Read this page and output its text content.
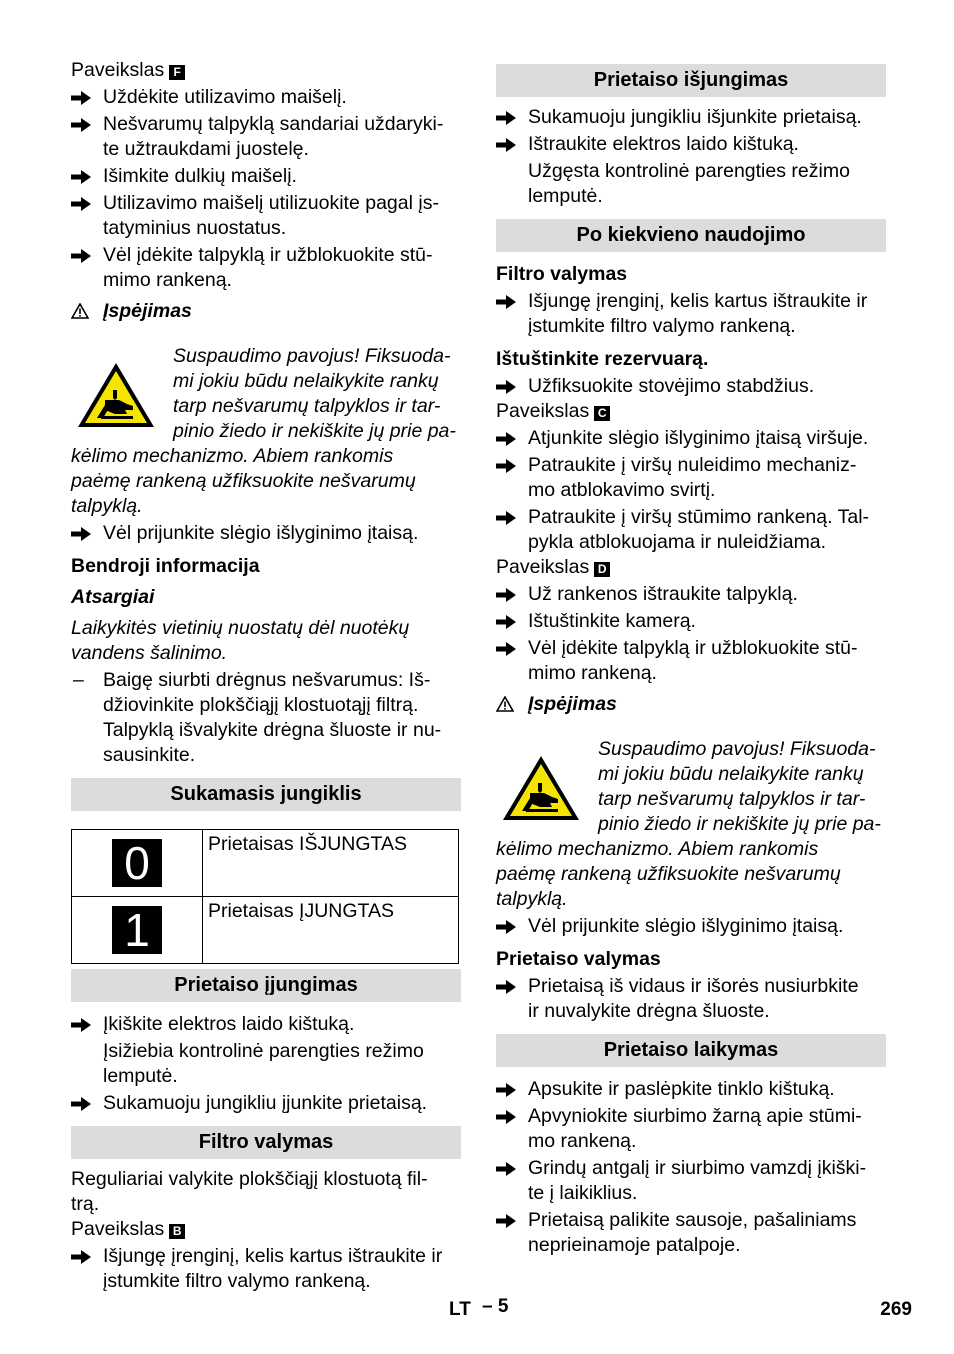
Paveikslas F

Uždėkite utilizavimo maišelį.

Nešvarumų talpyklą sandariai uždaryki-
te užtraukdami juostelę.

Išimkite dulkių maišelį.

Utilizavimo maišelį utilizuokite pagal įs-
tatyminius nuostatus.

Vėl įdėkite talpyklą ir užblokuokite stū-
mimo rankeną.

Įspėjimas

Suspaudimo pavojus! Fiksuoda-
mi jokiu būdu nelaikykite rankų
tarp nešvarumų talpyklos ir tar-
pinio žiedo ir nekiškite jų prie pa-
kėlimo mechanizmo. Abiem rankomis
paėmę rankeną užfiksuokite nešvarumų
talpyklą.

Vėl prijunkite slėgio išlyginimo įtaisą.

Bendroji informacija

Atsargiai

Laikykitės vietinių nuostatų dėl nuotėkų
vandens šalinimo.

– Baigę siurbti drėgnus nešvarumus: Iš-
džiovinkite plokščiąjį klostuotąjį filtrą.
Talpyklą išvalykite drėgna šluoste ir nu-
sausinkite.

Sukamasis jungiklis
0	Prietaisas IŠJUNGTAS
1	Prietaisas ĮJUNGTAS
Prietaiso įjungimas

Įkiškite elektros laido kištuką.

Įsižiebia kontrolinė parengties režimo
lemputė.

Sukamuoju jungikliu įjunkite prietaisą.

Filtro valymas

Reguliariai valykite plokščiąjį klostuotą fil-
trą.

Paveikslas B

Išjungę įrenginį, kelis kartus ištraukite ir
įstumkite filtro valymo rankeną.

Prietaiso išjungimas

Sukamuoju jungikliu išjunkite prietaisą.

Ištraukite elektros laido kištuką.

Užgęsta kontrolinė parengties režimo
lemputė.

Po kiekvieno naudojimo

Filtro valymas

Išjungę įrenginį, kelis kartus ištraukite ir
įstumkite filtro valymo rankeną.

Ištuštinkite rezervuarą.

Užfiksuokite stovėjimo stabdžius.

Paveikslas C

Atjunkite slėgio išlyginimo įtaisą viršuje.

Patraukite į viršų nuleidimo mechaniz-
mo atblokavimo svirtį.

Patraukite į viršų stūmimo rankeną. Tal-
pykla atblokuojama ir nuleidžiama.

Paveikslas D

Už rankenos ištraukite talpyklą.

Ištuštinkite kamerą.

Vėl įdėkite talpyklą ir užblokuokite stū-
mimo rankeną.

Įspėjimas

Suspaudimo pavojus! Fiksuoda-
mi jokiu būdu nelaikykite rankų
tarp nešvarumų talpyklos ir tar-
pinio žiedo ir nekiškite jų prie pa-
kėlimo mechanizmo. Abiem rankomis
paėmę rankeną užfiksuokite nešvarumų
talpyklą.

Vėl prijunkite slėgio išlyginimo įtaisą.

Prietaiso valymas

Prietaisą iš vidaus ir išorės nusiurbkite
ir nuvalykite drėgna šluoste.

Prietaiso laikymas

Apsukite ir paslėpkite tinklo kištuką.

Apvyniokite siurbimo žarną apie stūmi-
mo rankeną.

Grindų antgalį ir siurbimo vamzdį įkiški-
te į laikiklius.

Prietaisą palikite sausoje, pašaliniams
neprieinamoje patalpoje.

LT – 5	269
